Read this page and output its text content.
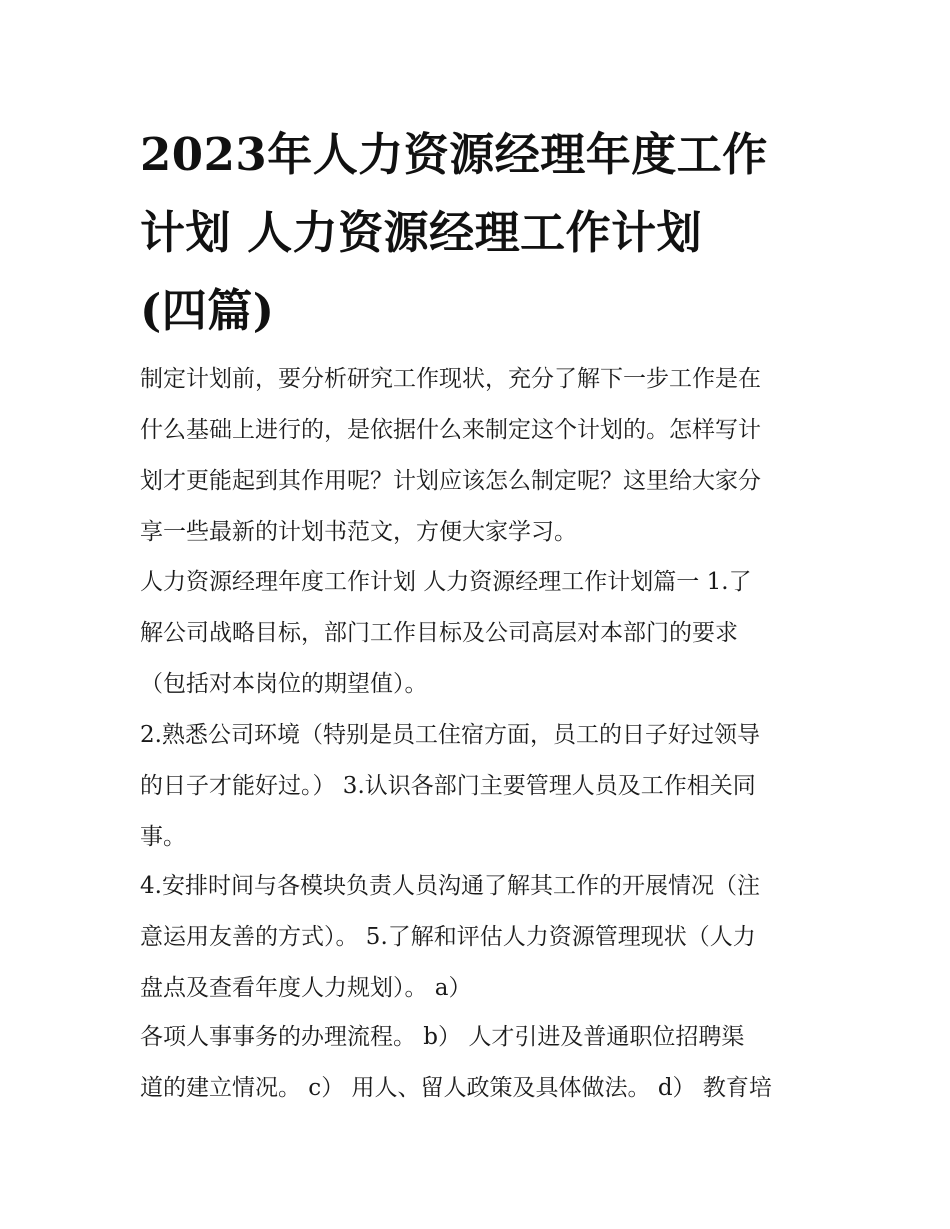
2023年人力资源经理年度工作
计划 人力资源经理工作计划
(四篇)

制定计划前，要分析研究工作现状，充分了解下一步工作是在
什么基础上进行的，是依据什么来制定这个计划的。怎样写计
划才更能起到其作用呢？计划应该怎么制定呢？这里给大家分
享一些最新的计划书范文，方便大家学习。

人力资源经理年度工作计划 人力资源经理工作计划篇一 1.了
解公司战略目标，部门工作目标及公司高层对本部门的要求
（包括对本岗位的期望值）。

2.熟悉公司环境（特别是员工住宿方面，员工的日子好过领导
的日子才能好过。） 3.认识各部门主要管理人员及工作相关同
事。

4.安排时间与各模块负责人员沟通了解其工作的开展情况（注
意运用友善的方式）。 5.了解和评估人力资源管理现状（人力
盘点及查看年度人力规划）。 a）

各项人事事务的办理流程。 b） 人才引进及普通职位招聘渠
道的建立情况。 c） 用人、留人政策及具体做法。 d） 教育培
